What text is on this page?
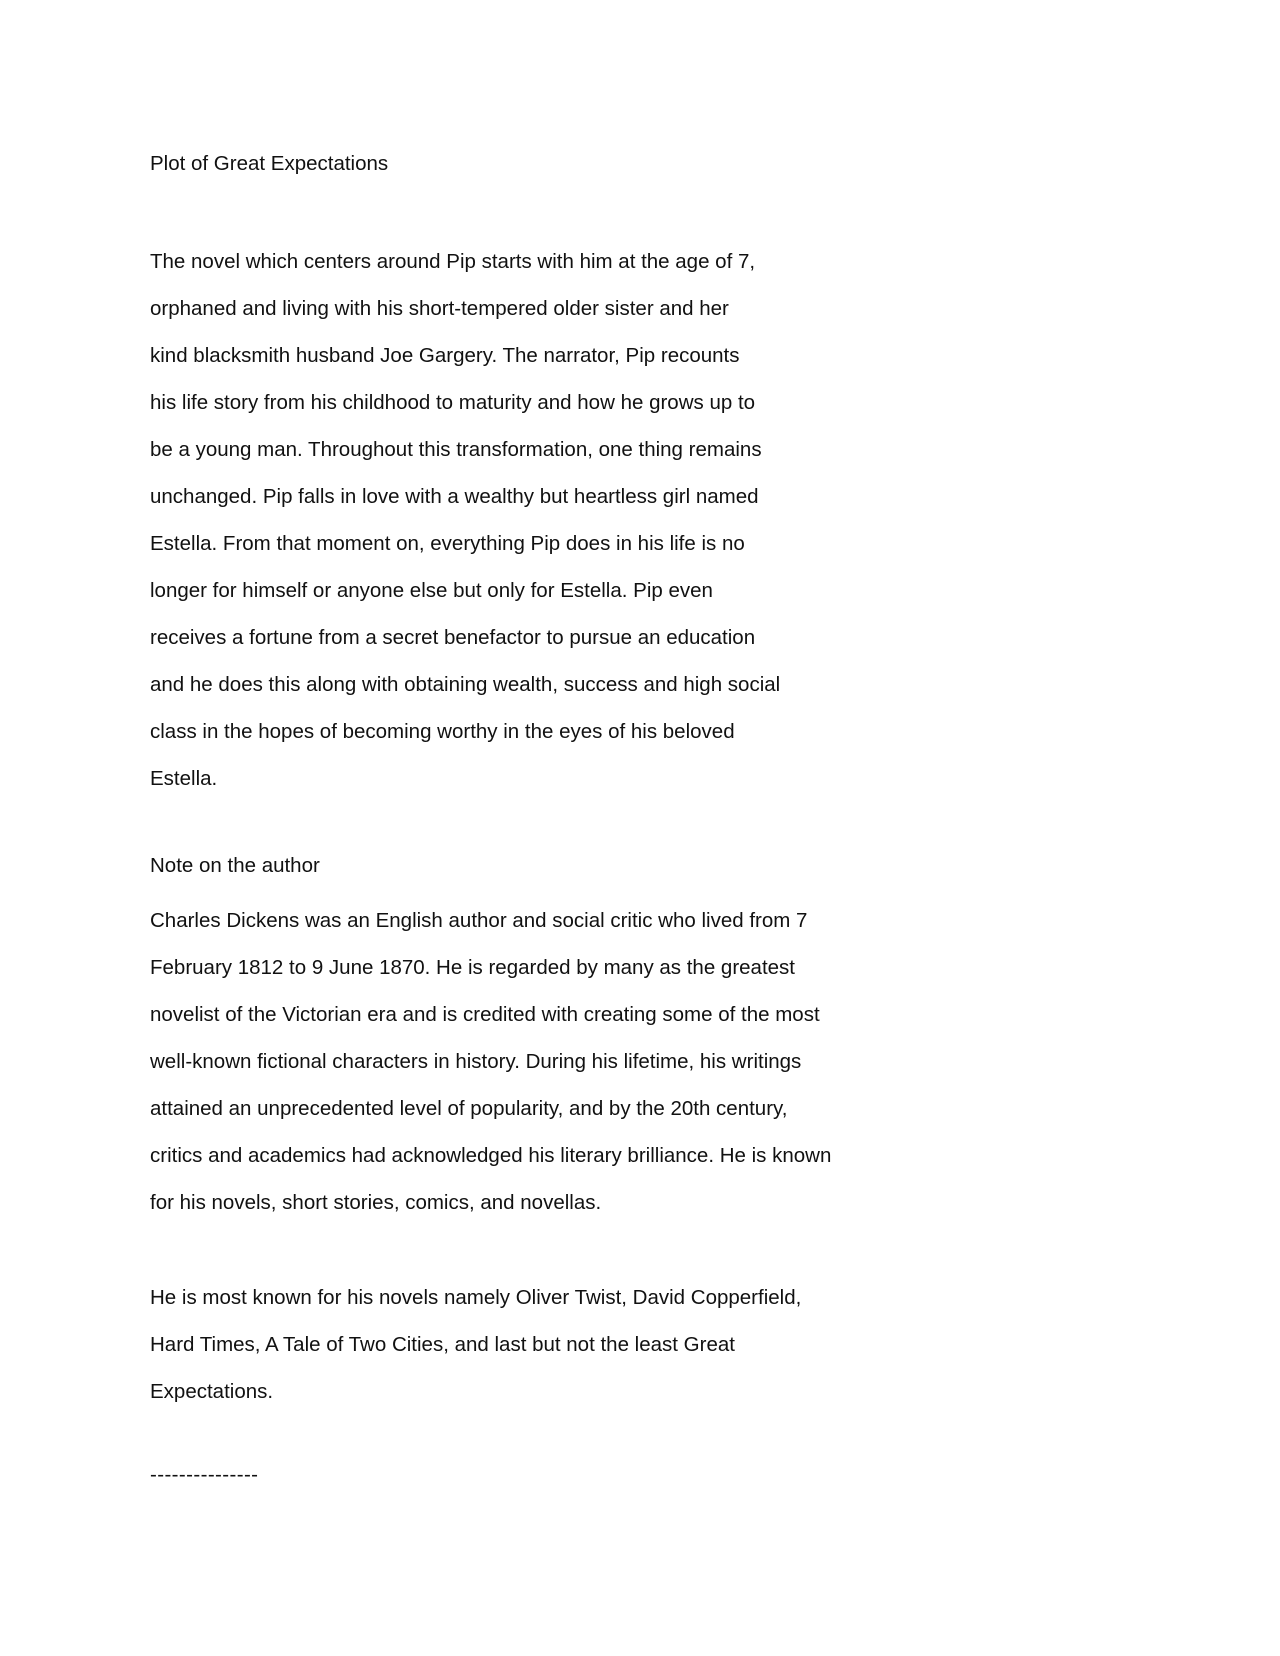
Plot of Great Expectations
The novel which centers around Pip starts with him at the age of 7,
orphaned and living with his short-tempered older sister and her
kind blacksmith husband Joe Gargery. The narrator, Pip recounts
his life story from his childhood to maturity and how he grows up to
be a young man. Throughout this transformation, one thing remains
unchanged. Pip falls in love with a wealthy but heartless girl named
Estella. From that moment on, everything Pip does in his life is no
longer for himself or anyone else but only for Estella. Pip even
receives a fortune from a secret benefactor to pursue an education
and he does this along with obtaining wealth, success and high social
class in the hopes of becoming worthy in the eyes of his beloved
Estella.
Note on the author
Charles Dickens was an English author and social critic who lived from 7
February 1812 to 9 June 1870. He is regarded by many as the greatest
novelist of the Victorian era and is credited with creating some of the most
well-known fictional characters in history. During his lifetime, his writings
attained an unprecedented level of popularity, and by the 20th century,
critics and academics had acknowledged his literary brilliance. He is known
for his novels, short stories, comics, and novellas.
He is most known for his novels namely Oliver Twist, David Copperfield,
Hard Times, A Tale of Two Cities, and last but not the least Great
Expectations.
---------------
